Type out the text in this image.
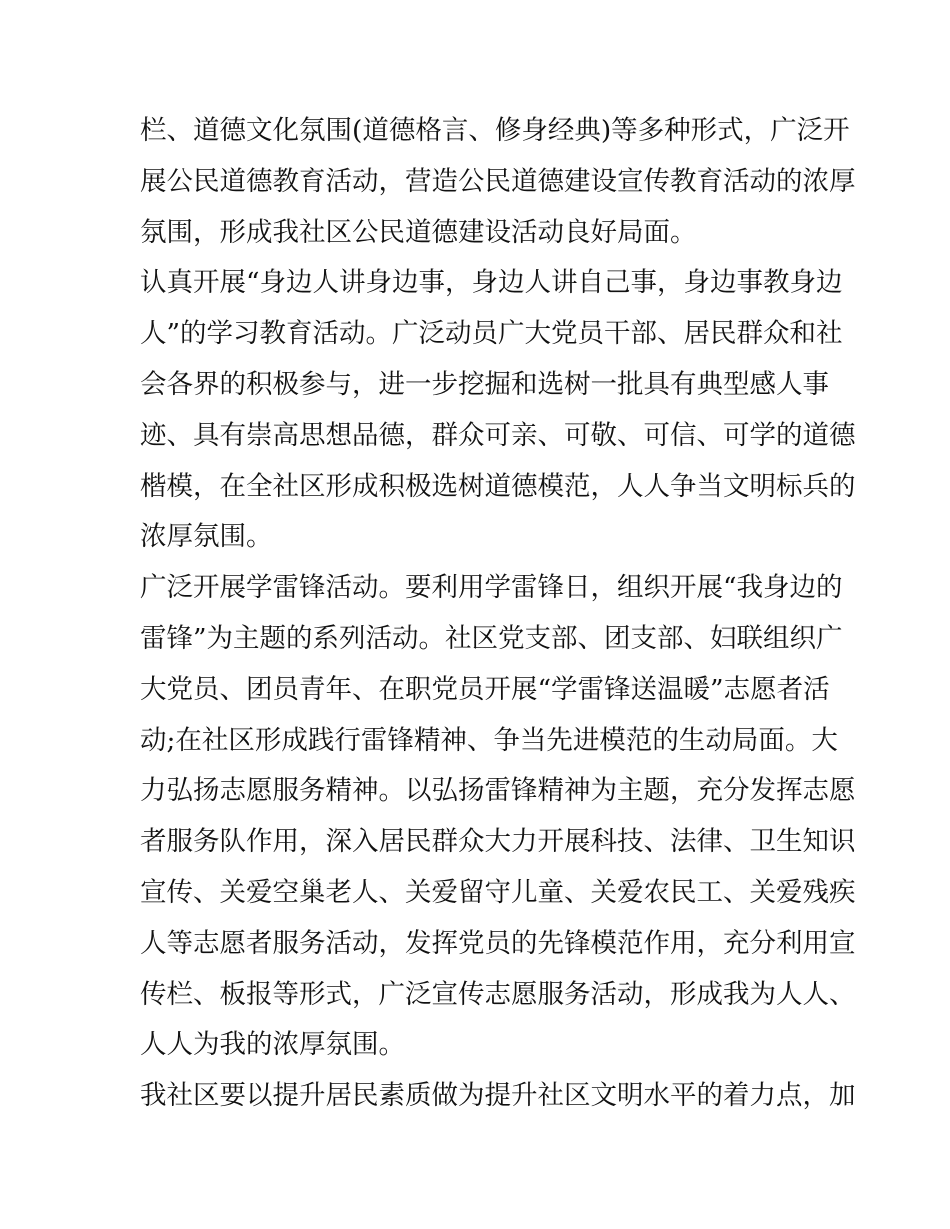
栏、道德文化氛围(道德格言、修身经典)等多种形式，广泛开
展公民道德教育活动，营造公民道德建设宣传教育活动的浓厚
氛围，形成我社区公民道德建设活动良好局面。
认真开展“身边人讲身边事，身边人讲自己事，身边事教身边
人”的学习教育活动。广泛动员广大党员干部、居民群众和社
会各界的积极参与，进一步挖掘和选树一批具有典型感人事
迹、具有崇高思想品德，群众可亲、可敬、可信、可学的道德
楷模，在全社区形成积极选树道德模范，人人争当文明标兵的
浓厚氛围。
广泛开展学雷锋活动。要利用学雷锋日，组织开展“我身边的
雷锋”为主题的系列活动。社区党支部、团支部、妇联组织广
大党员、团员青年、在职党员开展“学雷锋送温暖”志愿者活
动;在社区形成践行雷锋精神、争当先进模范的生动局面。大
力弘扬志愿服务精神。以弘扬雷锋精神为主题，充分发挥志愿
者服务队作用，深入居民群众大力开展科技、法律、卫生知识
宣传、关爱空巢老人、关爱留守儿童、关爱农民工、关爱残疾
人等志愿者服务活动，发挥党员的先锋模范作用，充分利用宣
传栏、板报等形式，广泛宣传志愿服务活动，形成我为人人、
人人为我的浓厚氛围。
我社区要以提升居民素质做为提升社区文明水平的着力点，加
